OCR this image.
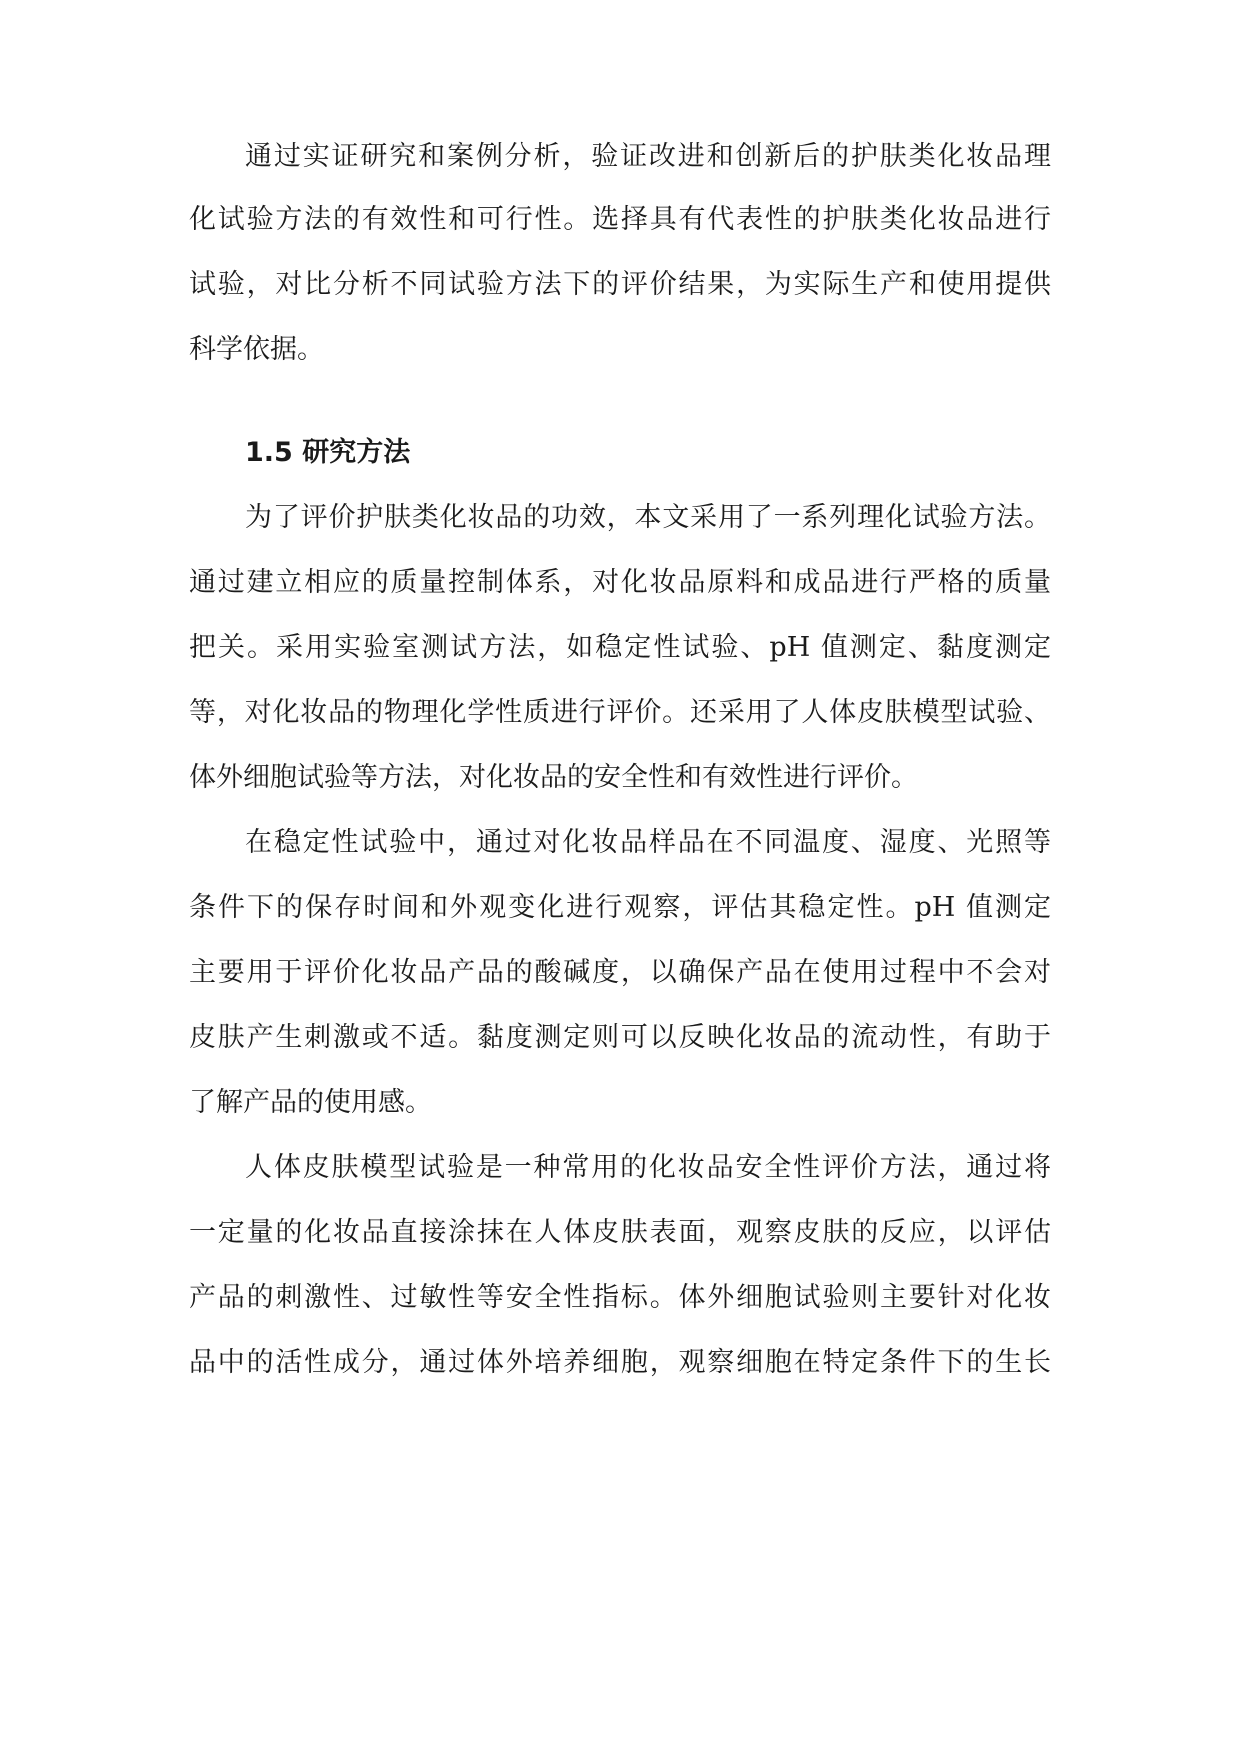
通过实证研究和案例分析，验证改进和创新后的护肤类化妆品理
化试验方法的有效性和可行性。选择具有代表性的护肤类化妆品进行
试验，对比分析不同试验方法下的评价结果，为实际生产和使用提供
科学依据。
1.5 研究方法
为了评价护肤类化妆品的功效，本文采用了一系列理化试验方法。
通过建立相应的质量控制体系，对化妆品原料和成品进行严格的质量
把关。采用实验室测试方法，如稳定性试验、pH 值测定、黏度测定
等，对化妆品的物理化学性质进行评价。还采用了人体皮肤模型试验、
体外细胞试验等方法，对化妆品的安全性和有效性进行评价。
在稳定性试验中，通过对化妆品样品在不同温度、湿度、光照等
条件下的保存时间和外观变化进行观察，评估其稳定性。pH 值测定
主要用于评价化妆品产品的酸碱度，以确保产品在使用过程中不会对
皮肤产生刺激或不适。黏度测定则可以反映化妆品的流动性，有助于
了解产品的使用感。
人体皮肤模型试验是一种常用的化妆品安全性评价方法，通过将
一定量的化妆品直接涂抹在人体皮肤表面，观察皮肤的反应，以评估
产品的刺激性、过敏性等安全性指标。体外细胞试验则主要针对化妆
品中的活性成分，通过体外培养细胞，观察细胞在特定条件下的生长
